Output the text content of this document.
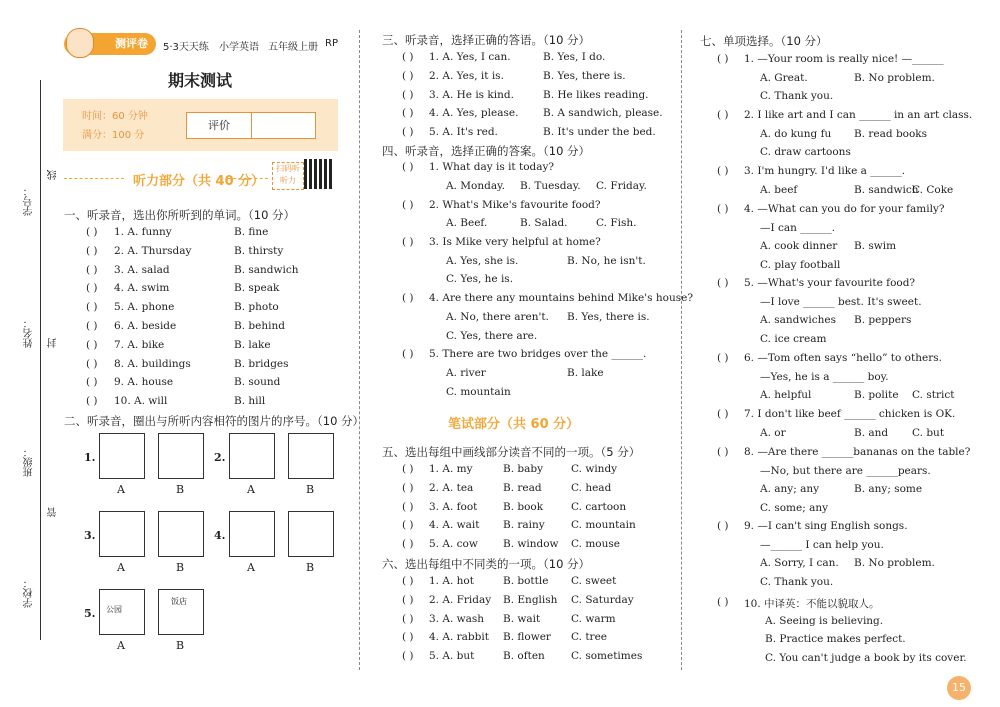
学号：
姓名：
班级：
学校：
线
封
管
测评卷	5·3天天练 小学英语 五年级上册 RP
期末测试
时间：60 分钟
满分：100 分
评价
听力部分（共 40 分）
扫码听听力
一、听录音，选出你所听到的单词。（10 分）
二、听录音，圈出与所听内容相符的图片的序号。（10 分）
三、听录音，选择正确的答语。（10 分）
四、听录音，选择正确的答案。（10 分）
笔试部分（共 60 分）
五、选出每组中画线部分读音不同的一项。（5 分）
六、选出每组中不同类的一项。（10 分）
七、单项选择。（10 分）
15
( ) 1. A. funny	B. fine
( ) 2. A. Thursday	B. thirsty
( ) 3. A. salad	B. sandwich
( ) 4. A. swim	B. speak
( ) 5. A. phone	B. photo
( ) 6. A. beside	B. behind
( ) 7. A. bike	B. lake
( ) 8. A. buildings	B. bridges
( ) 9. A. house	B. sound
( ) 10. A. will	B. hill
1.	2.
A	B	A	B
3.	4.
A	B	A	B
5. 公园
A
饭店
B
( ) 1. A. Yes, I can.	B. Yes, I do.
( ) 2. A. Yes, it is.	B. Yes, there is.
( ) 3. A. He is kind.	B. He likes reading.
( ) 4. A. Yes, please. B. A sandwich, please.
( ) 5. A. It's red.	B. It's under the bed.
( ) 1. What day is it today?
A. Monday. B. Tuesday. C. Friday.
( ) 2. What's Mike's favourite food?
A. Beef.	B. Salad.	C. Fish.
( ) 3. Is Mike very helpful at home?
A. Yes, she is.	B. No, he isn't.
C. Yes, he is.
( ) 4. Are there any mountains behind Mike's house?
A. No, there aren't. B. Yes, there is.
C. Yes, there are.
( ) 5. There are two bridges over the ______.
A. river	B. lake
C. mountain
( ) 1. A. my	B. baby	C. windy
( ) 2. A. tea	B. read	C. head
( ) 3. A. foot B. book	C. cartoon
( ) 4. A. wait B. rainy	C. mountain
( ) 5. A. cow B. window C. mouse
( ) 1. A. hot	B. bottle C. sweet
( ) 2. A. Friday B. English C. Saturday
( ) 3. A. wash B. wait	C. warm
( ) 4. A. rabbit B. flower C. tree
( ) 5. A. but	B. often C. sometimes
( ) 1. —Your room is really nice! —______
A. Great.	B. No problem.
C. Thank you.
( ) 2. I like art and I can ______ in an art class.
A. do kung fu B. read books
C. draw cartoons
( ) 3. I'm hungry. I'd like a ______.
A. beef	B. sandwich
C. Coke
( ) 4. —What can you do for your family?
—I can ______.
A. cook dinner B. swim
C. play football
( ) 5. —What's your favourite food?
—I love ______ best. It's sweet.
A. sandwiches B. peppers
C. ice cream
( ) 6. —Tom often says “hello” to others.
—Yes, he is a ______ boy.
A. helpful	B. polite C. strict
( ) 7. I don't like beef ______ chicken is OK.
A. or	B. and C. but
( ) 8. —Are there ______bananas on the table?
—No, but there are ______pears.
A. any; any	B. any; some
C. some; any
( ) 9. —I can't sing English songs.
—______ I can help you.
A. Sorry, I can. B. No problem.
C. Thank you.
( ) 10. 中译英：不能以貌取人。
A. Seeing is believing.
B. Practice makes perfect.
C. You can't judge a book by its cover.
